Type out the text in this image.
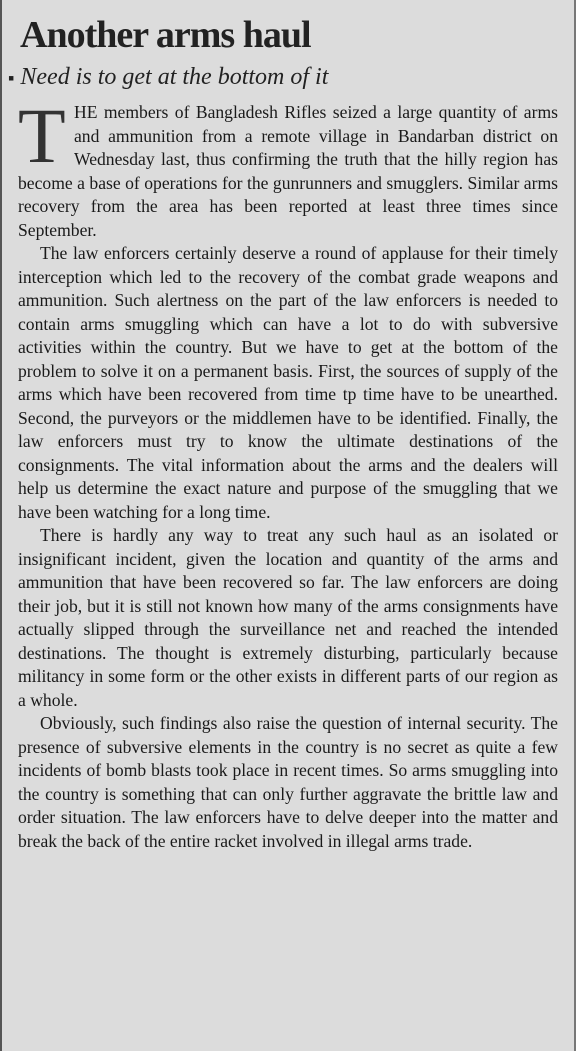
Another arms haul
▪ Need is to get at the bottom of it

THE members of Bangladesh Rifles seized a large quantity of arms and ammunition from a remote village in Bandarban district on Wednesday last, thus confirming the truth that the hilly region has become a base of operations for the gunrunners and smugglers. Similar arms recovery from the area has been reported at least three times since September.

The law enforcers certainly deserve a round of applause for their timely interception which led to the recovery of the combat grade weapons and ammunition. Such alertness on the part of the law enforcers is needed to contain arms smuggling which can have a lot to do with subversive activities within the country. But we have to get at the bottom of the problem to solve it on a permanent basis. First, the sources of supply of the arms which have been recovered from time tp time have to be unearthed. Second, the purveyors or the middlemen have to be identified. Finally, the law enforcers must try to know the ultimate destinations of the consignments. The vital information about the arms and the dealers will help us determine the exact nature and purpose of the smuggling that we have been watching for a long time.

There is hardly any way to treat any such haul as an isolated or insignificant incident, given the location and quantity of the arms and ammunition that have been recovered so far. The law enforcers are doing their job, but it is still not known how many of the arms consignments have actually slipped through the surveillance net and reached the intended destinations. The thought is extremely disturbing, particularly because militancy in some form or the other exists in different parts of our region as a whole.

Obviously, such findings also raise the question of internal security. The presence of subversive elements in the country is no secret as quite a few incidents of bomb blasts took place in recent times. So arms smuggling into the country is something that can only further aggravate the brittle law and order situation. The law enforcers have to delve deeper into the matter and break the back of the entire racket involved in illegal arms trade.
